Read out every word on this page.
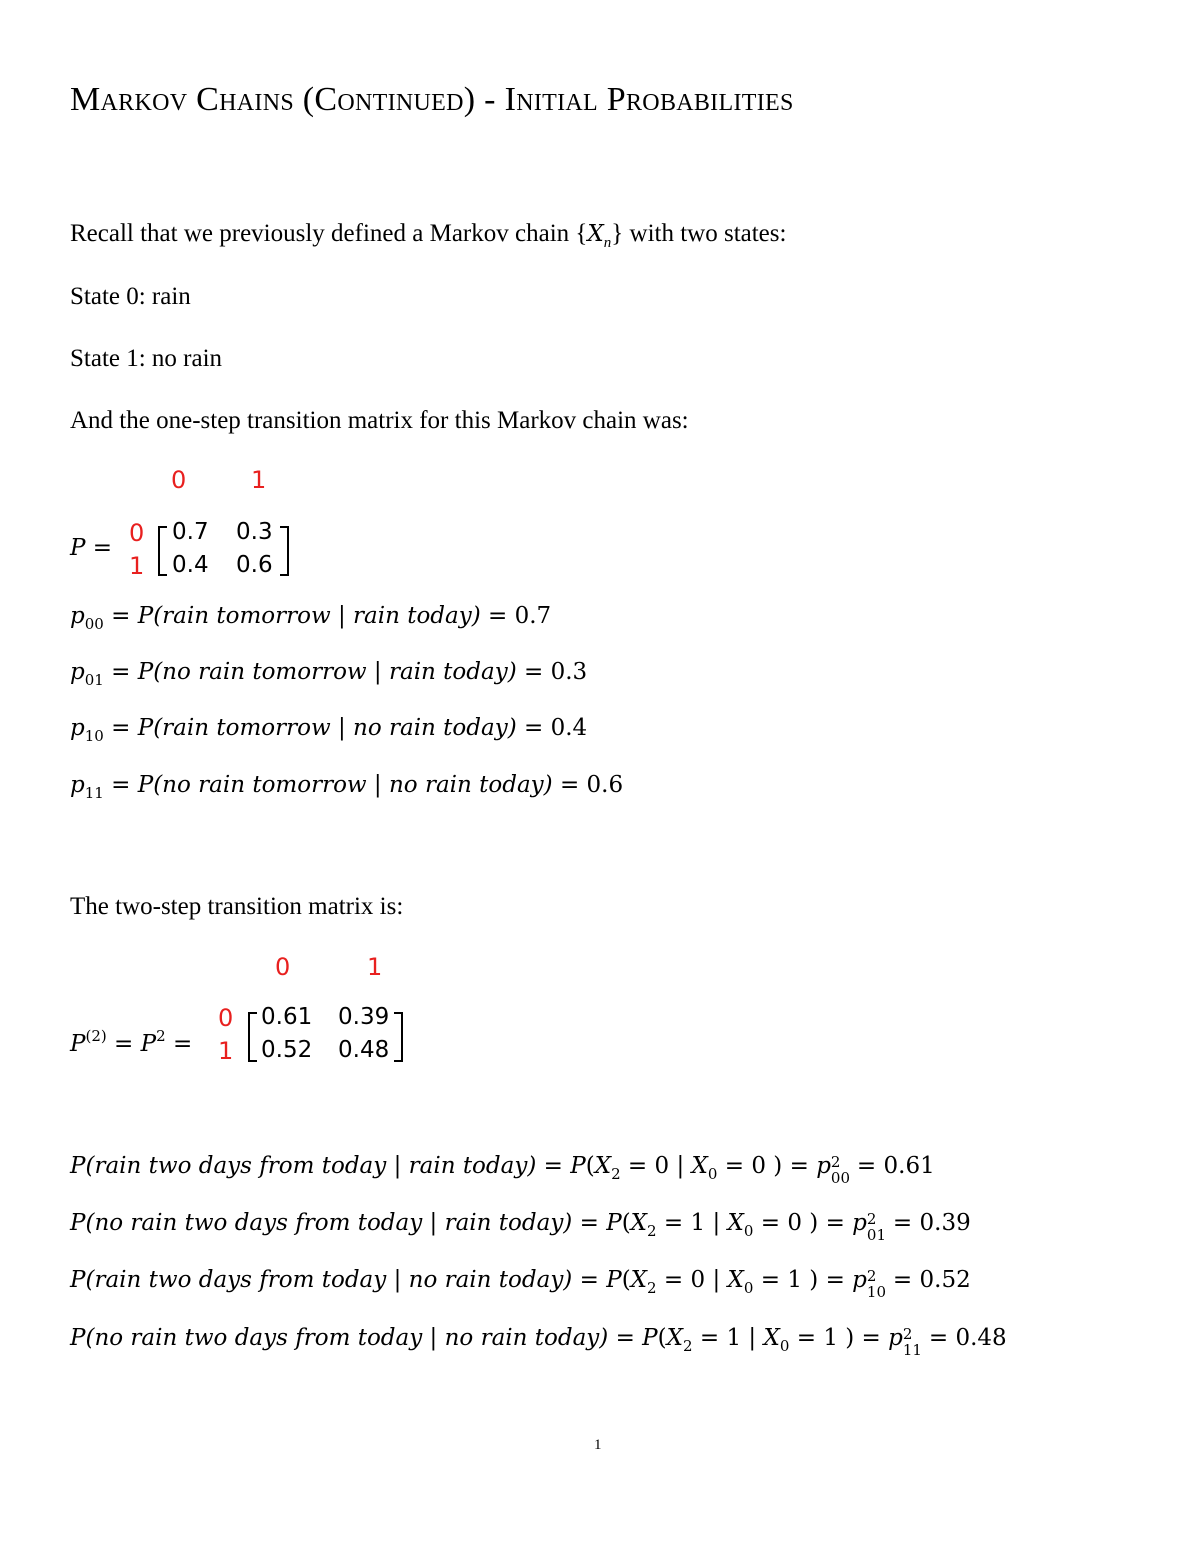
Markov Chains (Continued) - Initial Probabilities
Recall that we previously defined a Markov chain $\{X_n\}$ with two states:
State 0: rain
State 1: no rain
And the one-step transition matrix for this Markov chain was:
0	1
P =
0
1
0.7 0.3
0.4 0.6
$p_{00}$ = P(rain tomorrow | rain today) = 0.7
$p_{01} = P(no$ rain tomorrow | rain today) = 0.3
$p_{10}$ = P(rain tomorrow | no rain today) = 0.4
$p_{11} = P(no$ rain tomorrow | no rain today) = 0.6
The two-step transition matrix is:
0	1
$P^{(2)} = P^2$ =
0
1
0.61 0.39
0.52 0.48
P(rain two days from today | rain today) = $P(X_2 = 0$ | $X_0 = 0$ ) = p 2
00 = 0.61
P(no rain two days from today | rain today) = $P(X_2 = 1$ | $X_0 = 0$ ) = p 2
01 = 0.39
P(rain two days from today | no rain today) = $P(X_2 = 0$ | $X_0 = 1$ ) = p 2
10 = 0.52
P(no rain two days from today | no rain today) = $P(X_2 = 1$ | $X_0 = 1$ ) = p 2
11 = 0.48
1
